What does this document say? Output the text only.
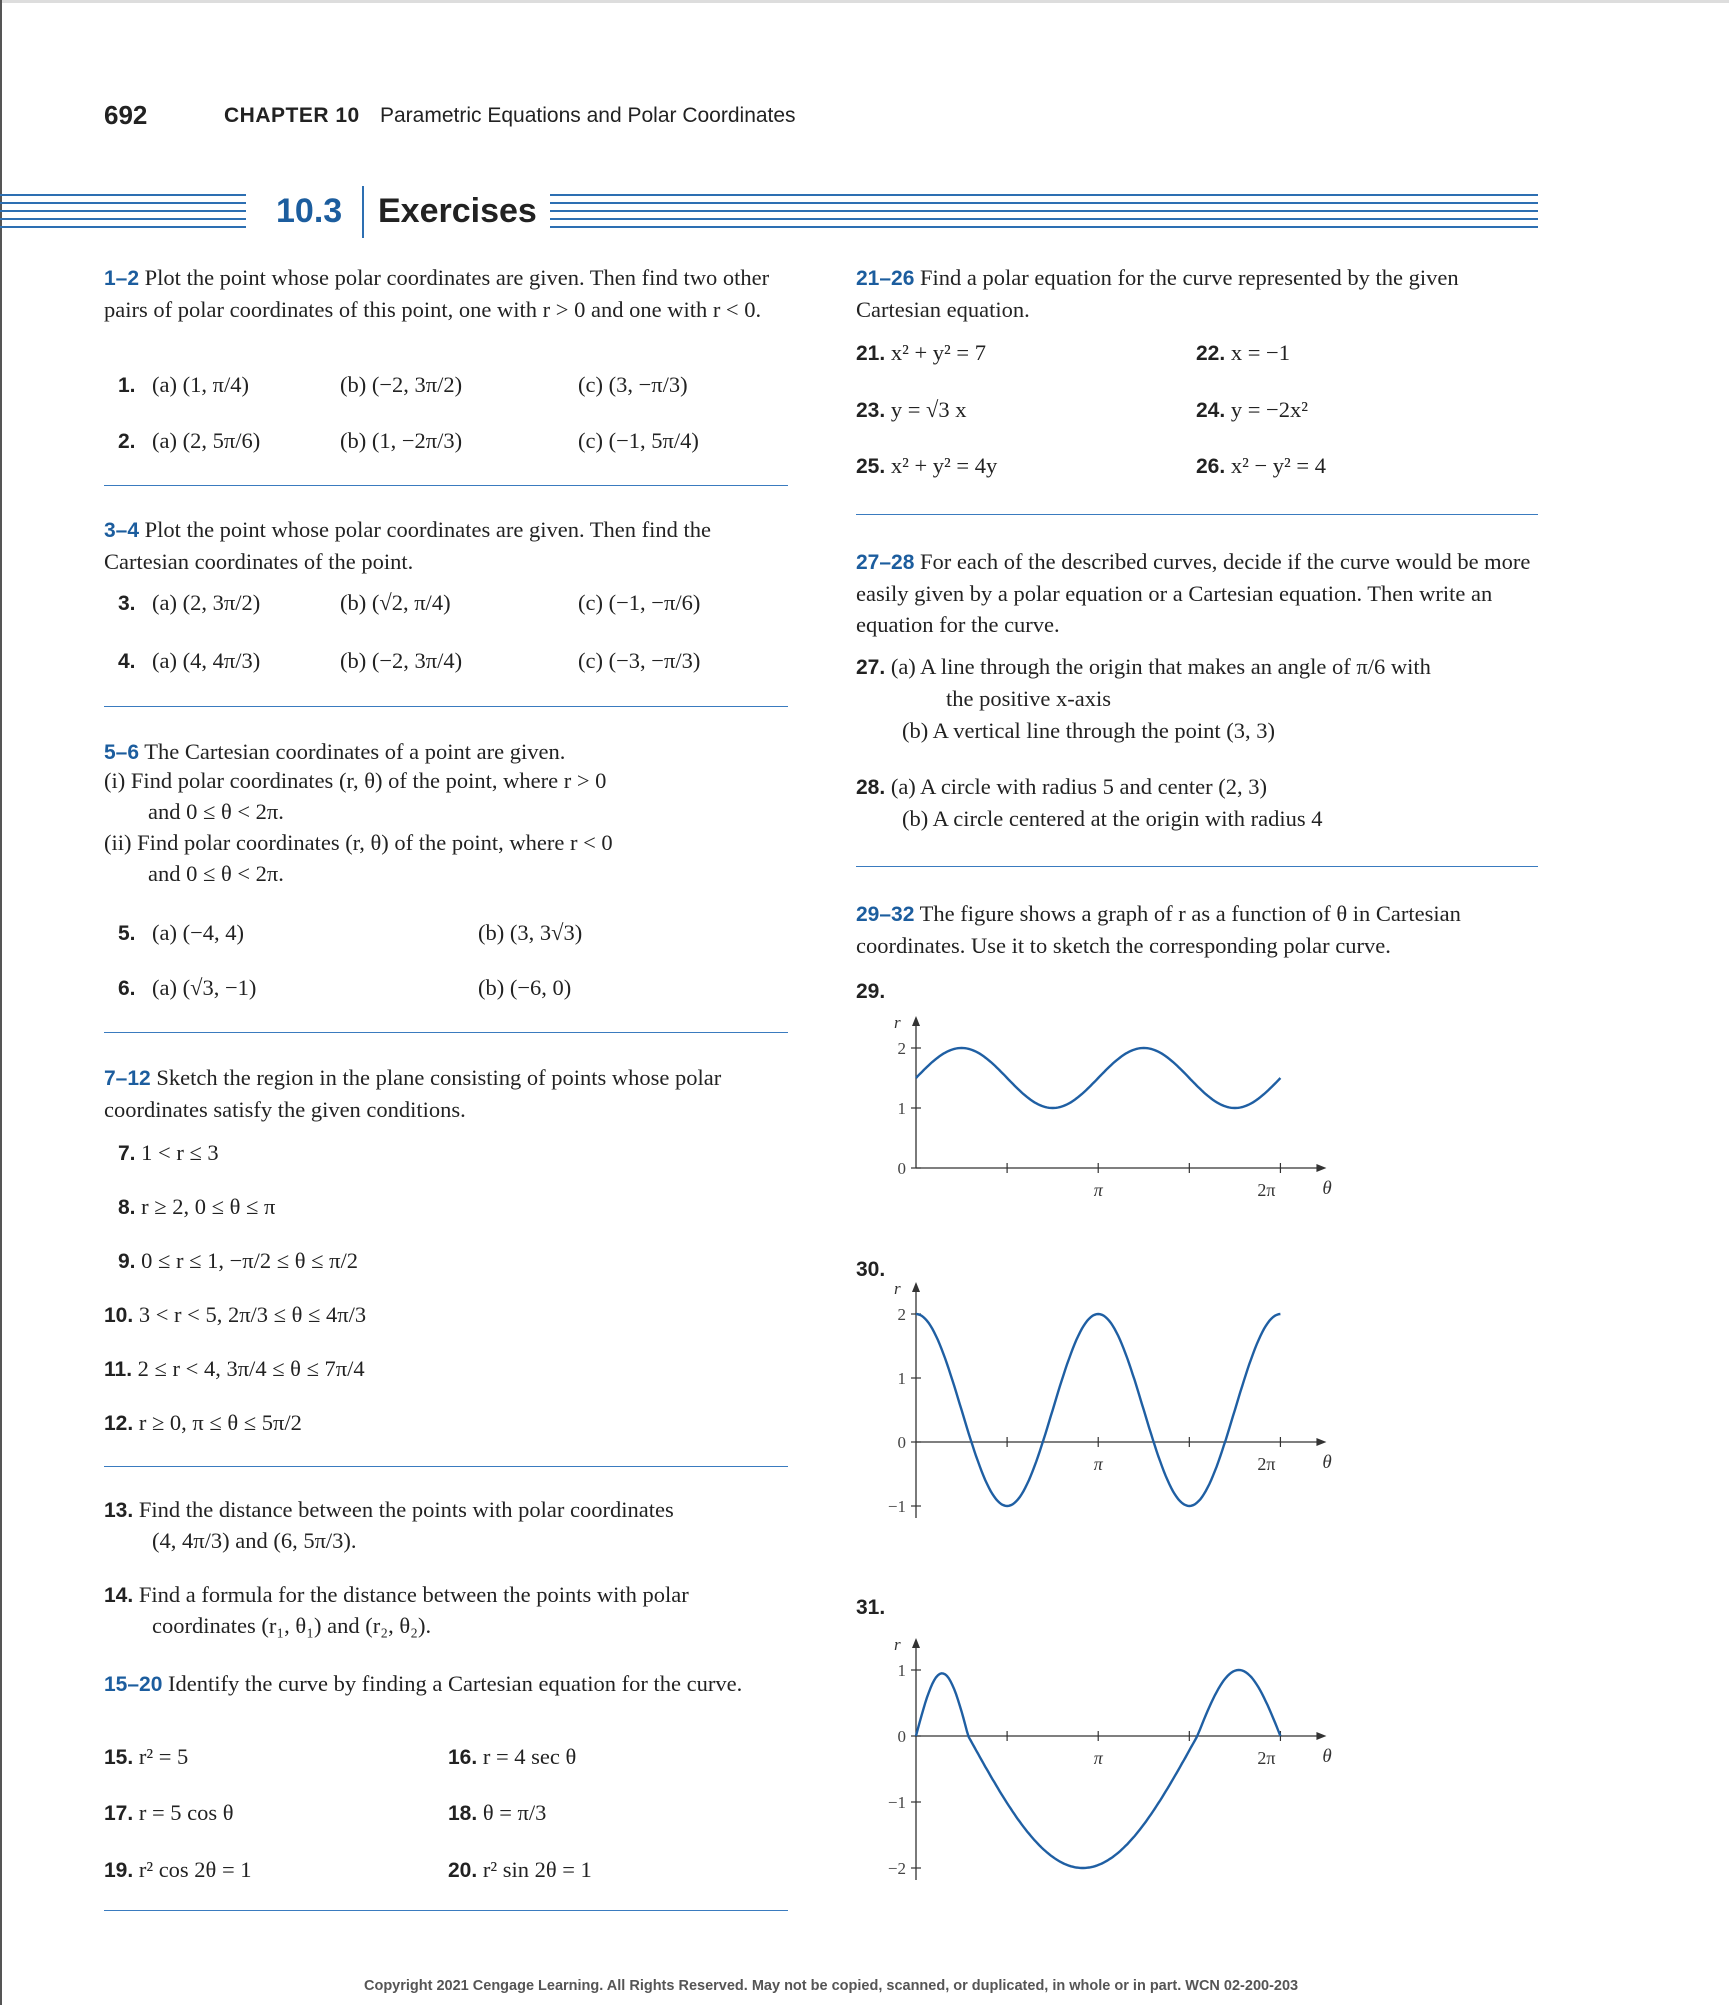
692	CHAPTER 10 Parametric Equations and Polar Coordinates
10.3 Exercises
1–2 Plot the point whose polar coordinates are given. Then find two other pairs of polar coordinates of this point, one with r > 0 and one with r < 0.
1. (a) (1, π/4)	(b) (−2, 3π/2)	(c) (3, −π/3)
2. (a) (2, 5π/6)	(b) (1, −2π/3)	(c) (−1, 5π/4)
3–4 Plot the point whose polar coordinates are given. Then find the Cartesian coordinates of the point.
3. (a) (2, 3π/2)	(b) (√2, π/4)	(c) (−1, −π/6)
4. (a) (4, 4π/3)	(b) (−2, 3π/4)	(c) (−3, −π/3)
5–6 The Cartesian coordinates of a point are given.
(i) Find polar coordinates (r, θ) of the point, where r > 0
and 0 ≤ θ < 2π.
(ii) Find polar coordinates (r, θ) of the point, where r < 0
and 0 ≤ θ < 2π.
5. (a) (−4, 4)	(b) (3, 3√3)
6. (a) (√3, −1)	(b) (−6, 0)
7–12 Sketch the region in the plane consisting of points whose polar coordinates satisfy the given conditions.
7. 1 < r ≤ 3
8. r ≥ 2, 0 ≤ θ ≤ π
9. 0 ≤ r ≤ 1, −π/2 ≤ θ ≤ π/2
10. 3 < r < 5, 2π/3 ≤ θ ≤ 4π/3
11. 2 ≤ r < 4, 3π/4 ≤ θ ≤ 7π/4
12. r ≥ 0, π ≤ θ ≤ 5π/2
13. Find the distance between the points with polar coordinates
(4, 4π/3) and (6, 5π/3).
14. Find a formula for the distance between the points with polar
coordinates (r₁, θ₁) and (r₂, θ₂).
15–20 Identify the curve by finding a Cartesian equation for the curve.
15. r² = 5	16. r = 4 sec θ
17. r = 5 cos θ	18. θ = π/3
19. r² cos 2θ = 1	20. r² sin 2θ = 1
21–26 Find a polar equation for the curve represented by the given Cartesian equation.
21. x² + y² = 7	22. x = −1
23. y = √3 x	24. y = −2x²
25. x² + y² = 4y	26. x² − y² = 4
27–28 For each of the described curves, decide if the curve would be more easily given by a polar equation or a Cartesian equation. Then write an equation for the curve.
27. (a) A line through the origin that makes an angle of π/6 with
the positive x-axis
(b) A vertical line through the point (3, 3)
28. (a) A circle with radius 5 and center (2, 3)
(b) A circle centered at the origin with radius 4
29–32 The figure shows a graph of r as a function of θ in Cartesian coordinates. Use it to sketch the corresponding polar curve.
29.
30.
31.
r
θ
0
1
2
π	2π
r
θ
−1
0
1
2
π	2π
r
θ
−2
−1
0
1
π	2π
Copyright 2021 Cengage Learning. All Rights Reserved. May not be copied, scanned, or duplicated, in whole or in part. WCN 02-200-203
